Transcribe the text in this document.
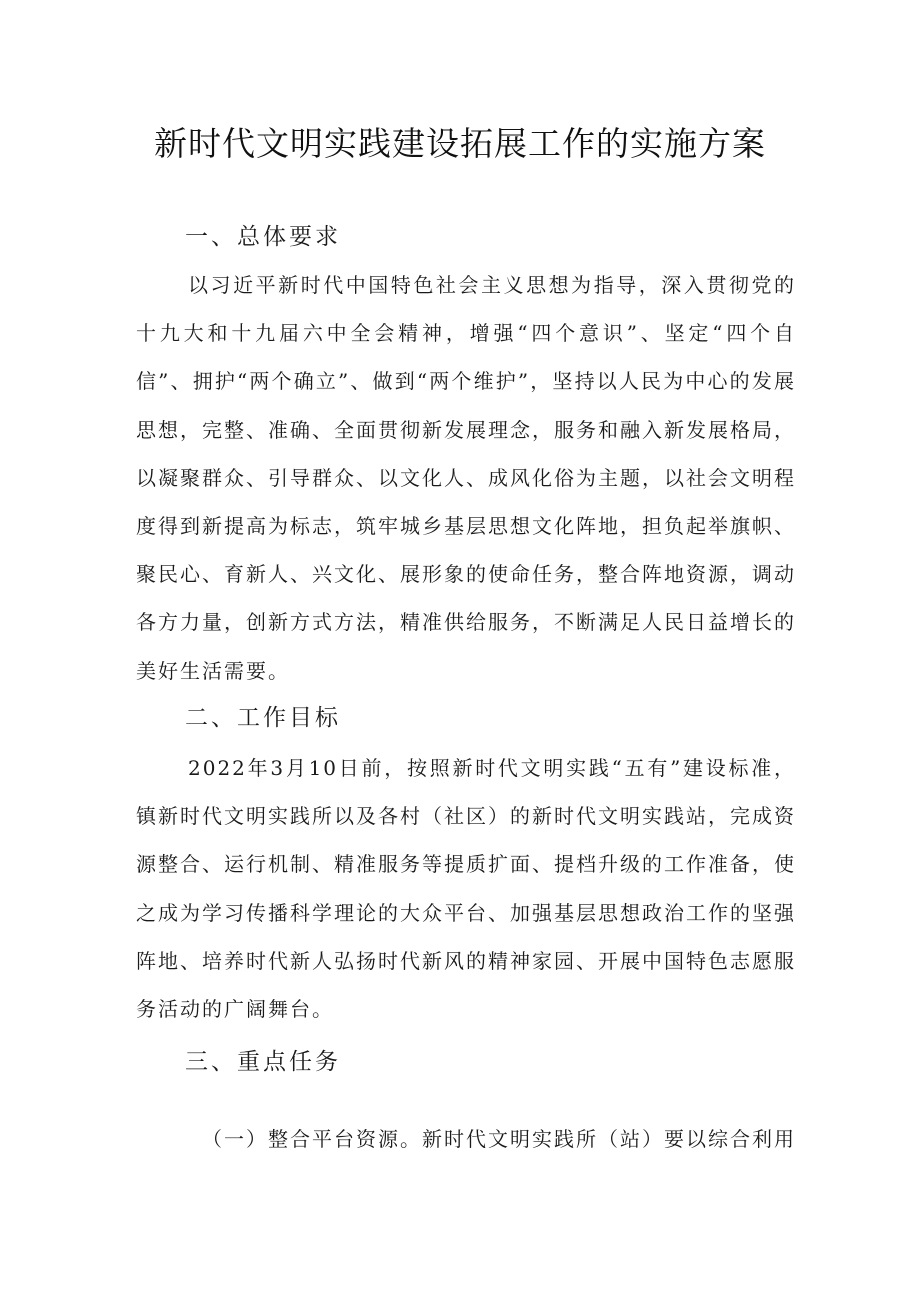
新时代文明实践建设拓展工作的实施方案
一、总体要求

以习近平新时代中国特色社会主义思想为指导，深入贯彻党的十九大和十九届六中全会精神，增强“四个意识”、坚定“四个自信”、拥护“两个确立”、做到“两个维护”，坚持以人民为中心的发展思想，完整、准确、全面贯彻新发展理念，服务和融入新发展格局，以凝聚群众、引导群众、以文化人、成风化俗为主题，以社会文明程度得到新提高为标志，筑牢城乡基层思想文化阵地，担负起举旗帜、聚民心、育新人、兴文化、展形象的使命任务，整合阵地资源，调动各方力量，创新方式方法，精准供给服务，不断满足人民日益增长的美好生活需要。

二、工作目标

2022年3月10日前，按照新时代文明实践“五有”建设标准，镇新时代文明实践所以及各村（社区）的新时代文明实践站，完成资源整合、运行机制、精准服务等提质扩面、提档升级的工作准备，使之成为学习传播科学理论的大众平台、加强基层思想政治工作的坚强阵地、培养时代新人弘扬时代新风的精神家园、开展中国特色志愿服务活动的广阔舞台。

三、重点任务

（一）整合平台资源。新时代文明实践所（站）要以综合利用
